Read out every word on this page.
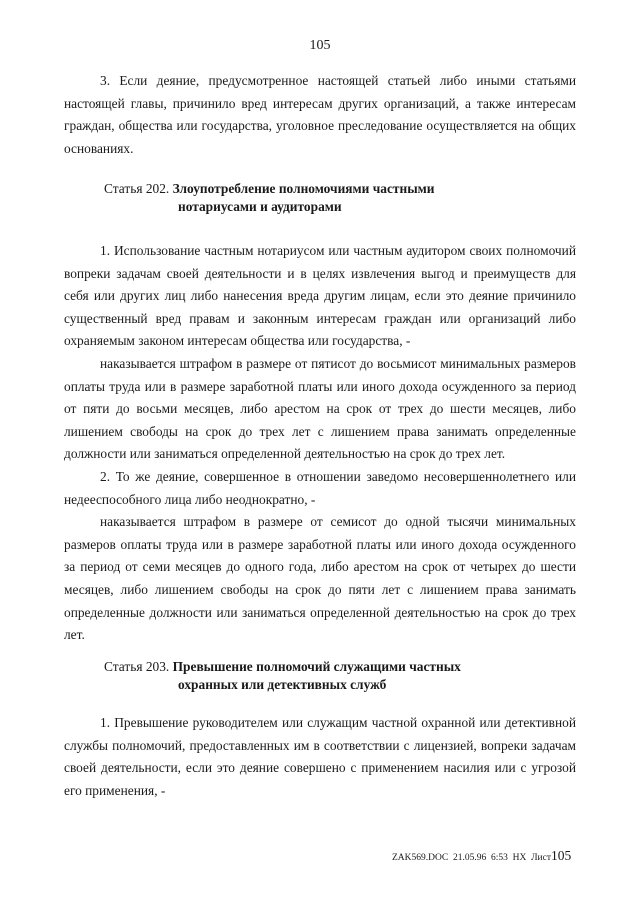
105

3. Если деяние, предусмотренное настоящей статьей либо иными статьями настоящей главы, причинило вред интересам других организаций, а также интересам граждан, общества или государства, уголовное преследование осуществляется на общих основаниях.

Статья 202. Злоупотребление полномочиями частными
нотариусами и аудиторами

1. Использование частным нотариусом или частным аудитором своих полномочий вопреки задачам своей деятельности и в целях извлечения выгод и преимуществ для себя или других лиц либо нанесения вреда другим лицам, если это деяние причинило существенный вред правам и законным интересам граждан или организаций либо охраняемым законом интересам общества или государства, -

наказывается штрафом в размере от пятисот до восьмисот минимальных размеров оплаты труда или в размере заработной платы или иного дохода осужденного за период от пяти до восьми месяцев, либо арестом на срок от трех до шести месяцев, либо лишением свободы на срок до трех лет с лишением права занимать определенные должности или заниматься определенной деятельностью на срок до трех лет.

2. То же деяние, совершенное в отношении заведомо несовершеннолетнего или недееспособного лица либо неоднократно, -

наказывается штрафом в размере от семисот до одной тысячи минимальных размеров оплаты труда или в размере заработной платы или иного дохода осужденного за период от семи месяцев до одного года, либо арестом на срок от четырех до шести месяцев, либо лишением свободы на срок до пяти лет с лишением права занимать определенные должности или заниматься определенной деятельностью на срок до трех лет.

Статья 203. Превышение полномочий служащими частных
охранных или детективных служб

1. Превышение руководителем или служащим частной охранной или детективной службы полномочий, предоставленных им в соответствии с лицензией, вопреки задачам своей деятельности, если это деяние совершено с применением насилия или с угрозой его применения, -

ZAK569.DOC 21.05.96 6:53 НХ Лист105
